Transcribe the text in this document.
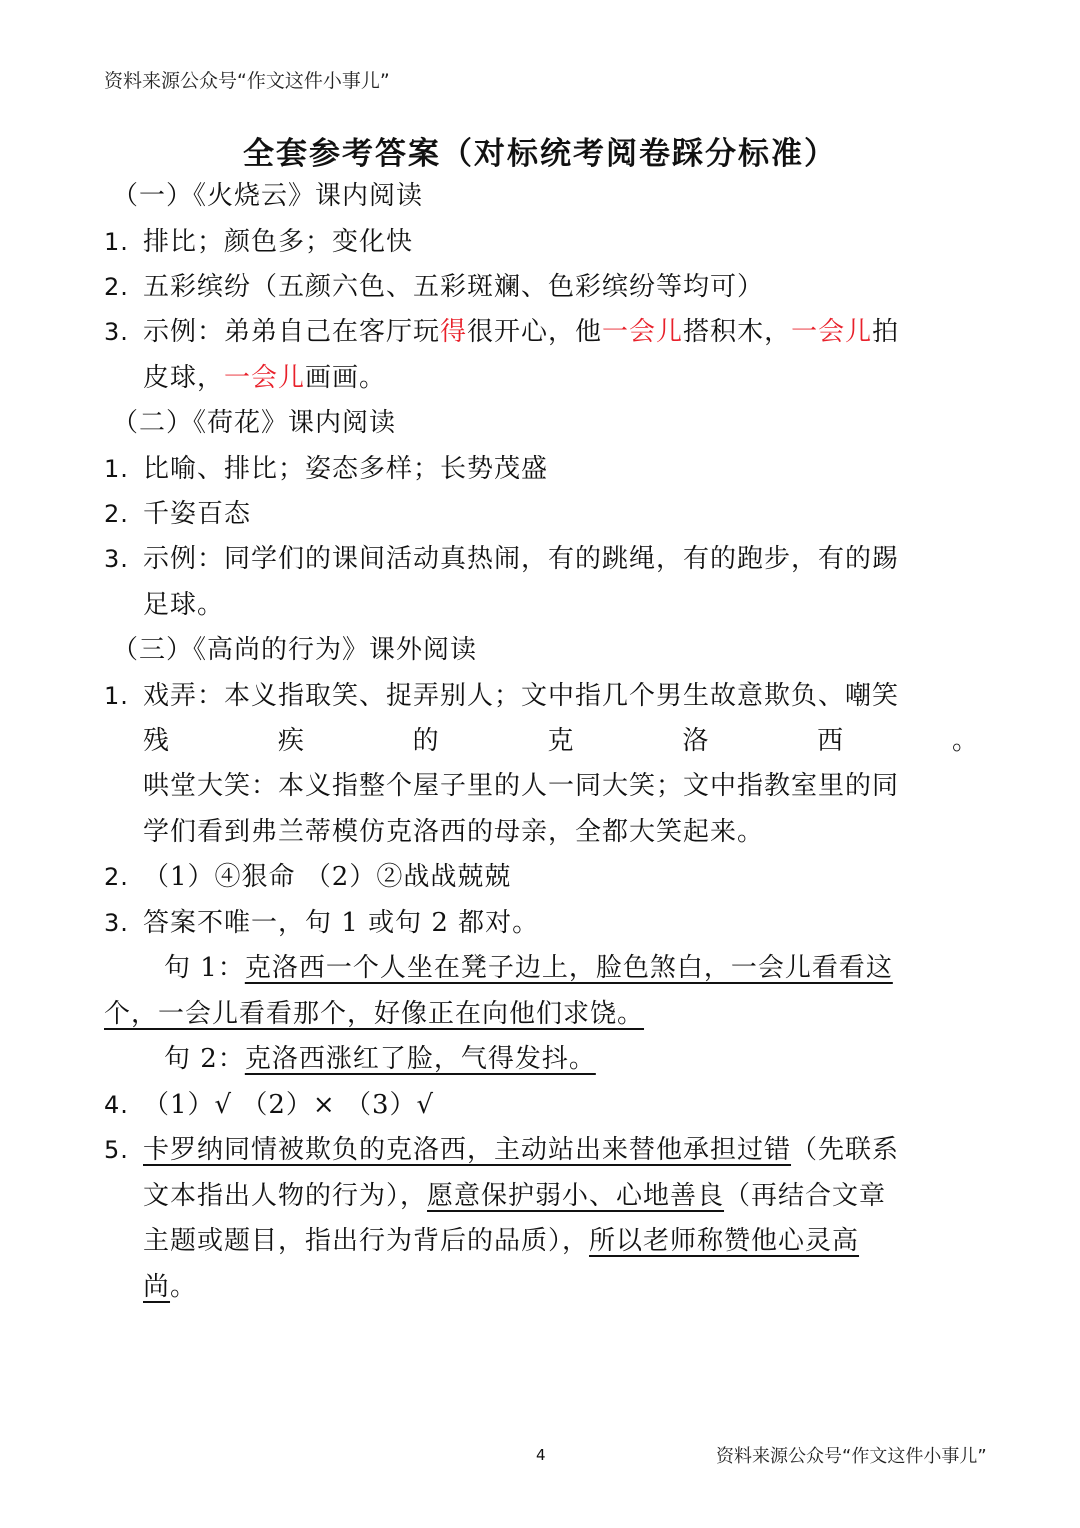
资料来源公众号“作文这件小事儿”
全套参考答案（对标统考阅卷踩分标准）
（一）《火烧云》课内阅读
1. 排比；颜色多；变化快
2. 五彩缤纷（五颜六色、五彩斑斓、色彩缤纷等均可）
3. 示例：弟弟自己在客厅玩得很开心，他一会儿搭积木，一会儿拍
皮球，一会儿画画。
（二）《荷花》课内阅读
1. 比喻、排比；姿态多样；长势茂盛
2. 千姿百态
3. 示例：同学们的课间活动真热闹，有的跳绳，有的跑步，有的踢
足球。
（三）《高尚的行为》课外阅读
1. 戏弄：本义指取笑、捉弄别人；文中指几个男生故意欺负、嘲笑
残	疾	的	克	洛	西	。
哄堂大笑：本义指整个屋子里的人一同大笑；文中指教室里的同
学们看到弗兰蒂模仿克洛西的母亲，全都大笑起来。
2. （1）④狠命 （2）②战战兢兢
3. 答案不唯一，句 1 或句 2 都对。
句 1：克洛西一个人坐在凳子边上，脸色煞白，一会儿看看这
个，一会儿看看那个，好像正在向他们求饶。
句 2：克洛西涨红了脸，气得发抖。
4. （1）√ （2）× （3）√
5. 卡罗纳同情被欺负的克洛西，主动站出来替他承担过错（先联系
文本指出人物的行为），愿意保护弱小、心地善良（再结合文章
主题或题目，指出行为背后的品质），所以老师称赞他心灵高
尚。
4	资料来源公众号“作文这件小事儿”
